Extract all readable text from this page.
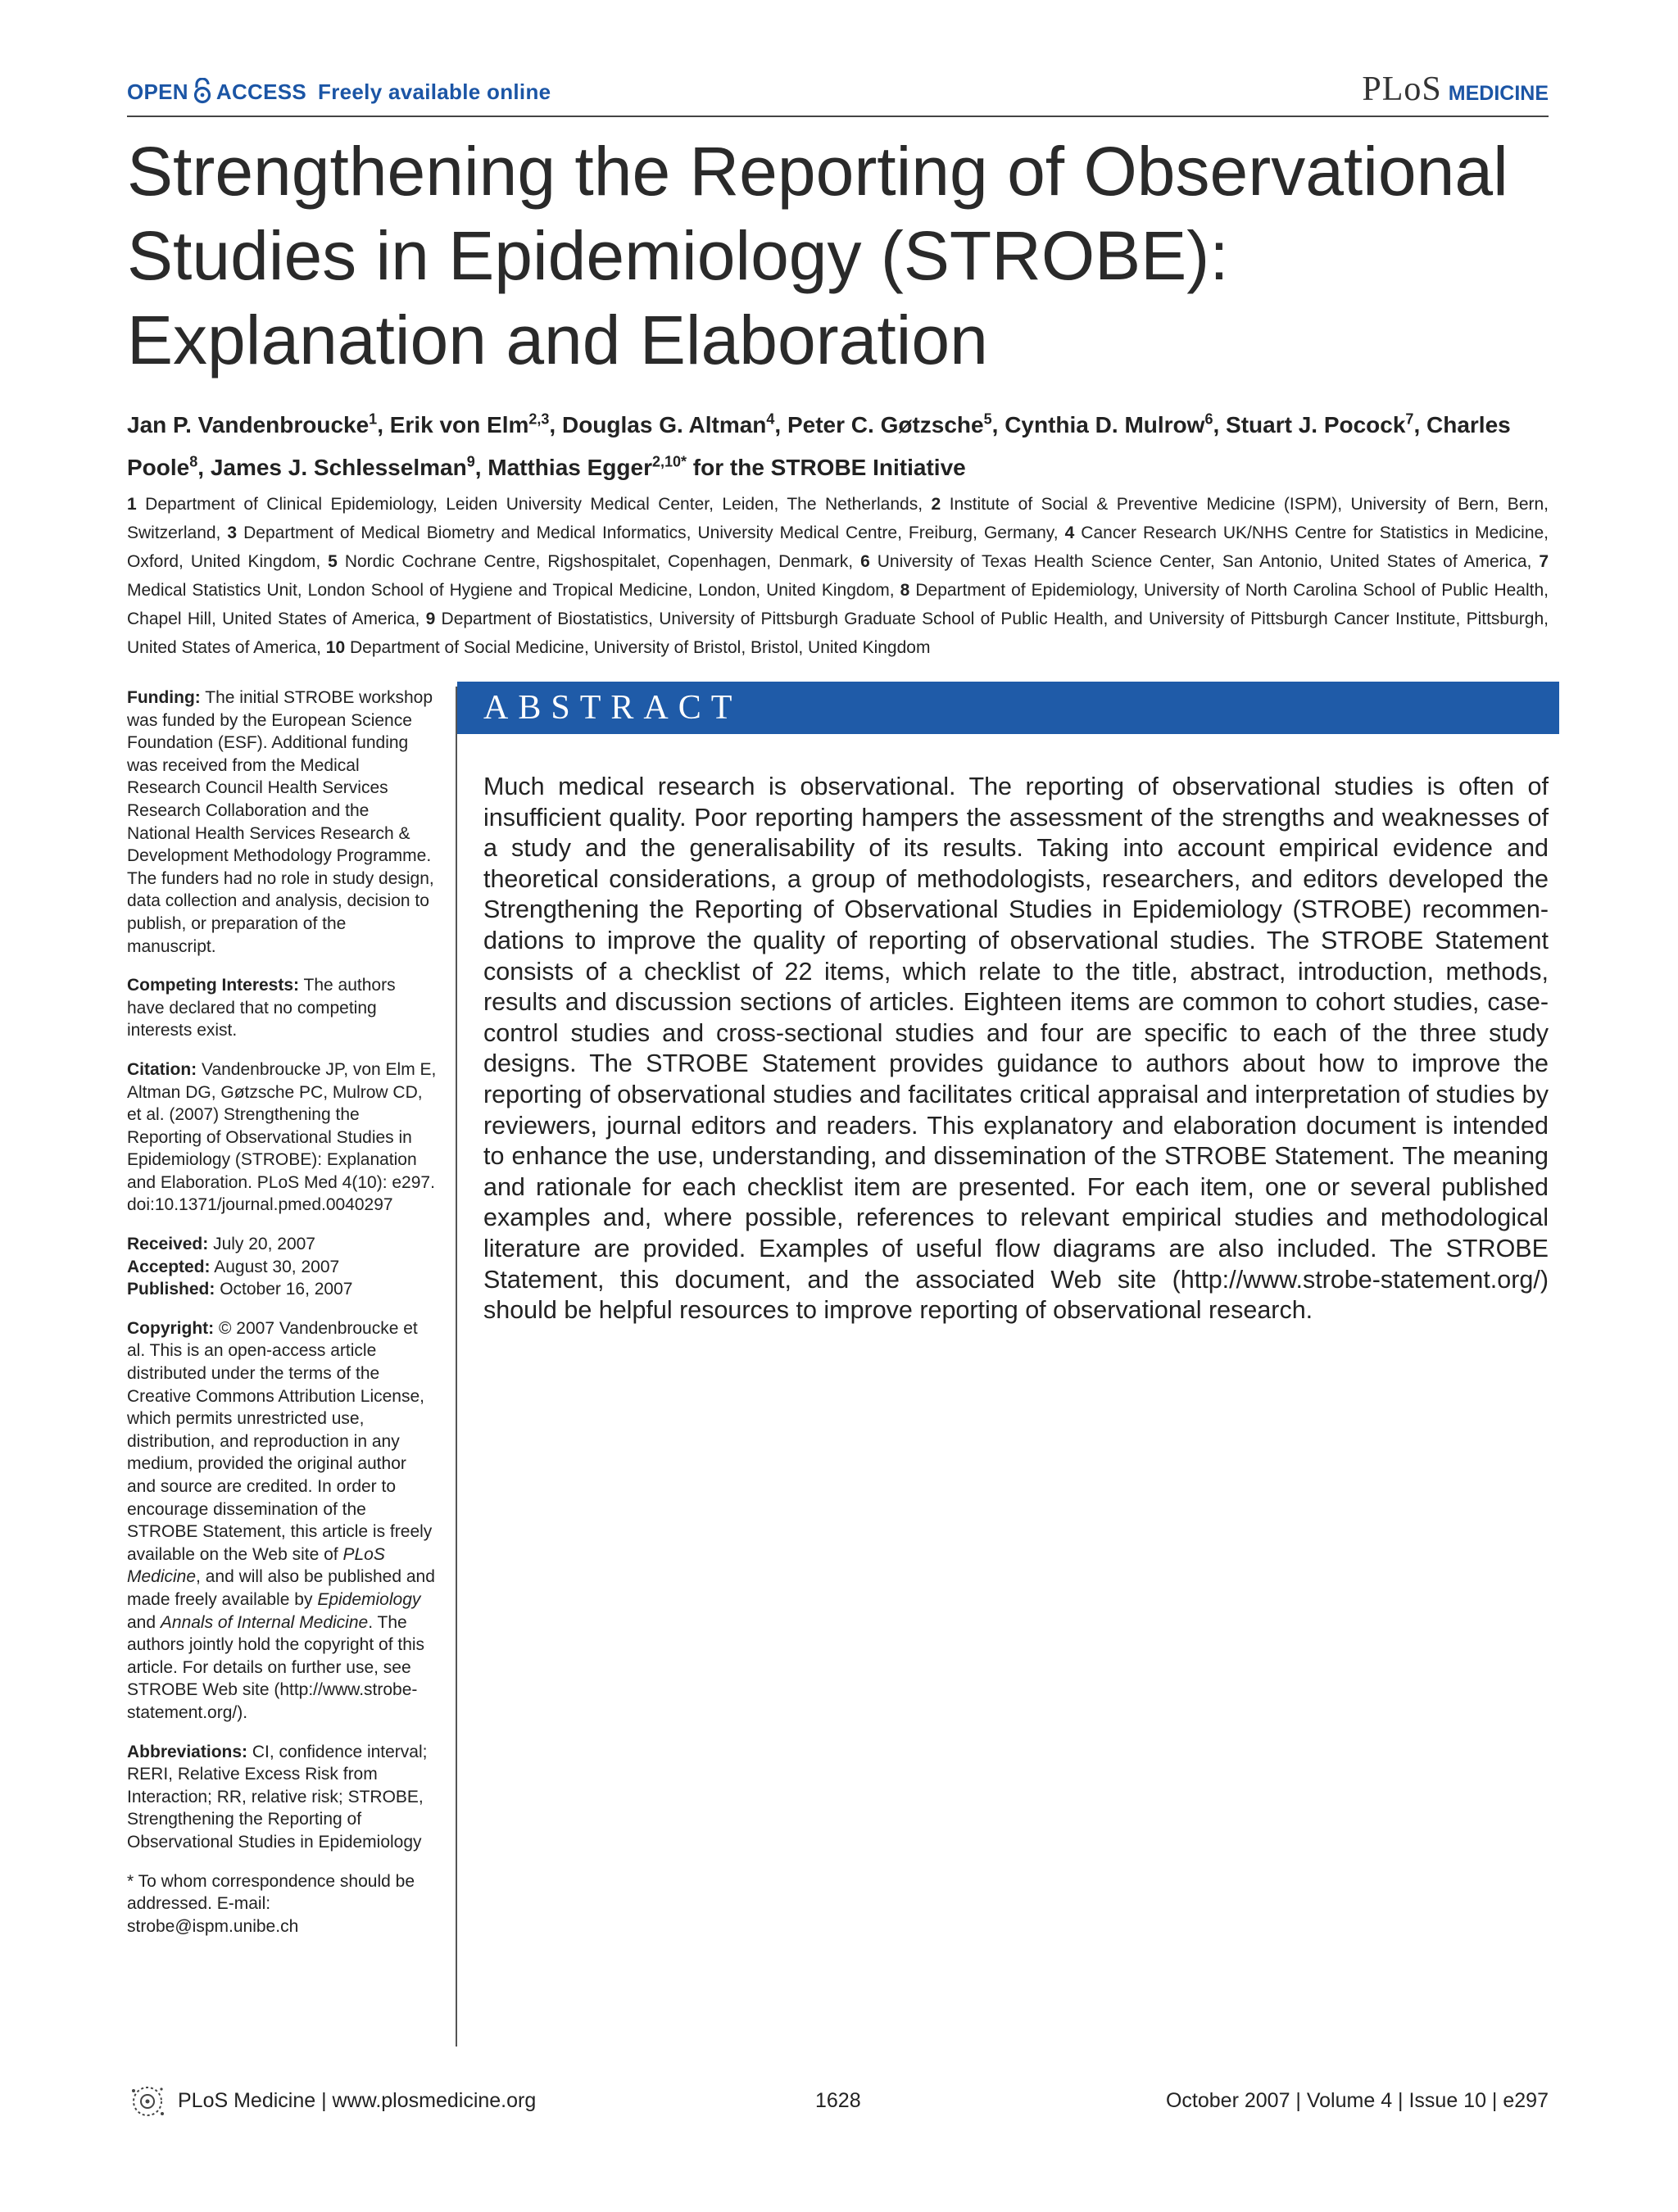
OPEN ACCESS Freely available online	PLoS MEDICINE
Strengthening the Reporting of Observational Studies in Epidemiology (STROBE): Explanation and Elaboration
Jan P. Vandenbroucke$^1$, Erik von Elm$^{2,3}$, Douglas G. Altman$^4$, Peter C. Gøtzsche$^5$, Cynthia D. Mulrow$^6$, Stuart J. Pocock$^7$, Charles Poole$^8$, James J. Schlesselman$^9$, Matthias Egger$^{2,10*}$ for the STROBE Initiative
1 Department of Clinical Epidemiology, Leiden University Medical Center, Leiden, The Netherlands, 2 Institute of Social & Preventive Medicine (ISPM), University of Bern, Bern, Switzerland, 3 Department of Medical Biometry and Medical Informatics, University Medical Centre, Freiburg, Germany, 4 Cancer Research UK/NHS Centre for Statistics in Medicine, Oxford, United Kingdom, 5 Nordic Cochrane Centre, Rigshospitalet, Copenhagen, Denmark, 6 University of Texas Health Science Center, San Antonio, United States of America, 7 Medical Statistics Unit, London School of Hygiene and Tropical Medicine, London, United Kingdom, 8 Department of Epidemiology, University of North Carolina School of Public Health, Chapel Hill, United States of America, 9 Department of Biostatistics, University of Pittsburgh Graduate School of Public Health, and University of Pittsburgh Cancer Institute, Pittsburgh, United States of America, 10 Department of Social Medicine, University of Bristol, Bristol, United Kingdom

Funding: The initial STROBE workshop was funded by the European Science Foundation (ESF). Additional funding was received from the Medical Research Council Health Services Research Collaboration and the National Health Services Research & Development Methodology Programme. The funders had no role in study design, data collection and analysis, decision to publish, or preparation of the manuscript.

Competing Interests: The authors have declared that no competing interests exist.

Citation: Vandenbroucke JP, von Elm E, Altman DG, Gøtzsche PC, Mulrow CD, et al. (2007) Strengthening the Reporting of Observational Studies in Epidemiology (STROBE): Explanation and Elaboration. PLoS Med 4(10): e297. doi:10.1371/journal.pmed.0040297

Received: July 20, 2007
Accepted: August 30, 2007
Published: October 16, 2007

Copyright: © 2007 Vandenbroucke et al. This is an open-access article distributed under the terms of the Creative Commons Attribution License, which permits unrestricted use, distribution, and reproduction in any medium, provided the original author and source are credited. In order to encourage dissemination of the STROBE Statement, this article is freely available on the Web site of PLoS Medicine, and will also be published and made freely available by Epidemiology and Annals of Internal Medicine. The authors jointly hold the copyright of this article. For details on further use, see STROBE Web site (http://www.strobe-statement.org/).

Abbreviations: CI, confidence interval; RERI, Relative Excess Risk from Interaction; RR, relative risk; STROBE, Strengthening the Reporting of Observational Studies in Epidemiology

* To whom correspondence should be addressed. E-mail: strobe@ispm.unibe.ch

ABSTRACT

Much medical research is observational. The reporting of observational studies is often of insufficient quality. Poor reporting hampers the assessment of the strengths and weaknesses of a study and the generalisability of its results. Taking into account empirical evidence and theoretical considerations, a group of methodologists, researchers, and editors developed the Strengthening the Reporting of Observational Studies in Epidemiology (STROBE) recommendations to improve the quality of reporting of observational studies. The STROBE Statement consists of a checklist of 22 items, which relate to the title, abstract, introduction, methods, results and discussion sections of articles. Eighteen items are common to cohort studies, case-control studies and cross-sectional studies and four are specific to each of the three study designs. The STROBE Statement provides guidance to authors about how to improve the reporting of observational studies and facilitates critical appraisal and interpretation of studies by reviewers, journal editors and readers. This explanatory and elaboration document is intended to enhance the use, understanding, and dissemination of the STROBE Statement. The meaning and rationale for each checklist item are presented. For each item, one or several published examples and, where possible, references to relevant empirical studies and methodological literature are provided. Examples of useful flow diagrams are also included. The STROBE Statement, this document, and the associated Web site (http://www.strobe-statement.org/) should be helpful resources to improve reporting of observational research.

PLoS Medicine | www.plosmedicine.org	1628	October 2007 | Volume 4 | Issue 10 | e297
